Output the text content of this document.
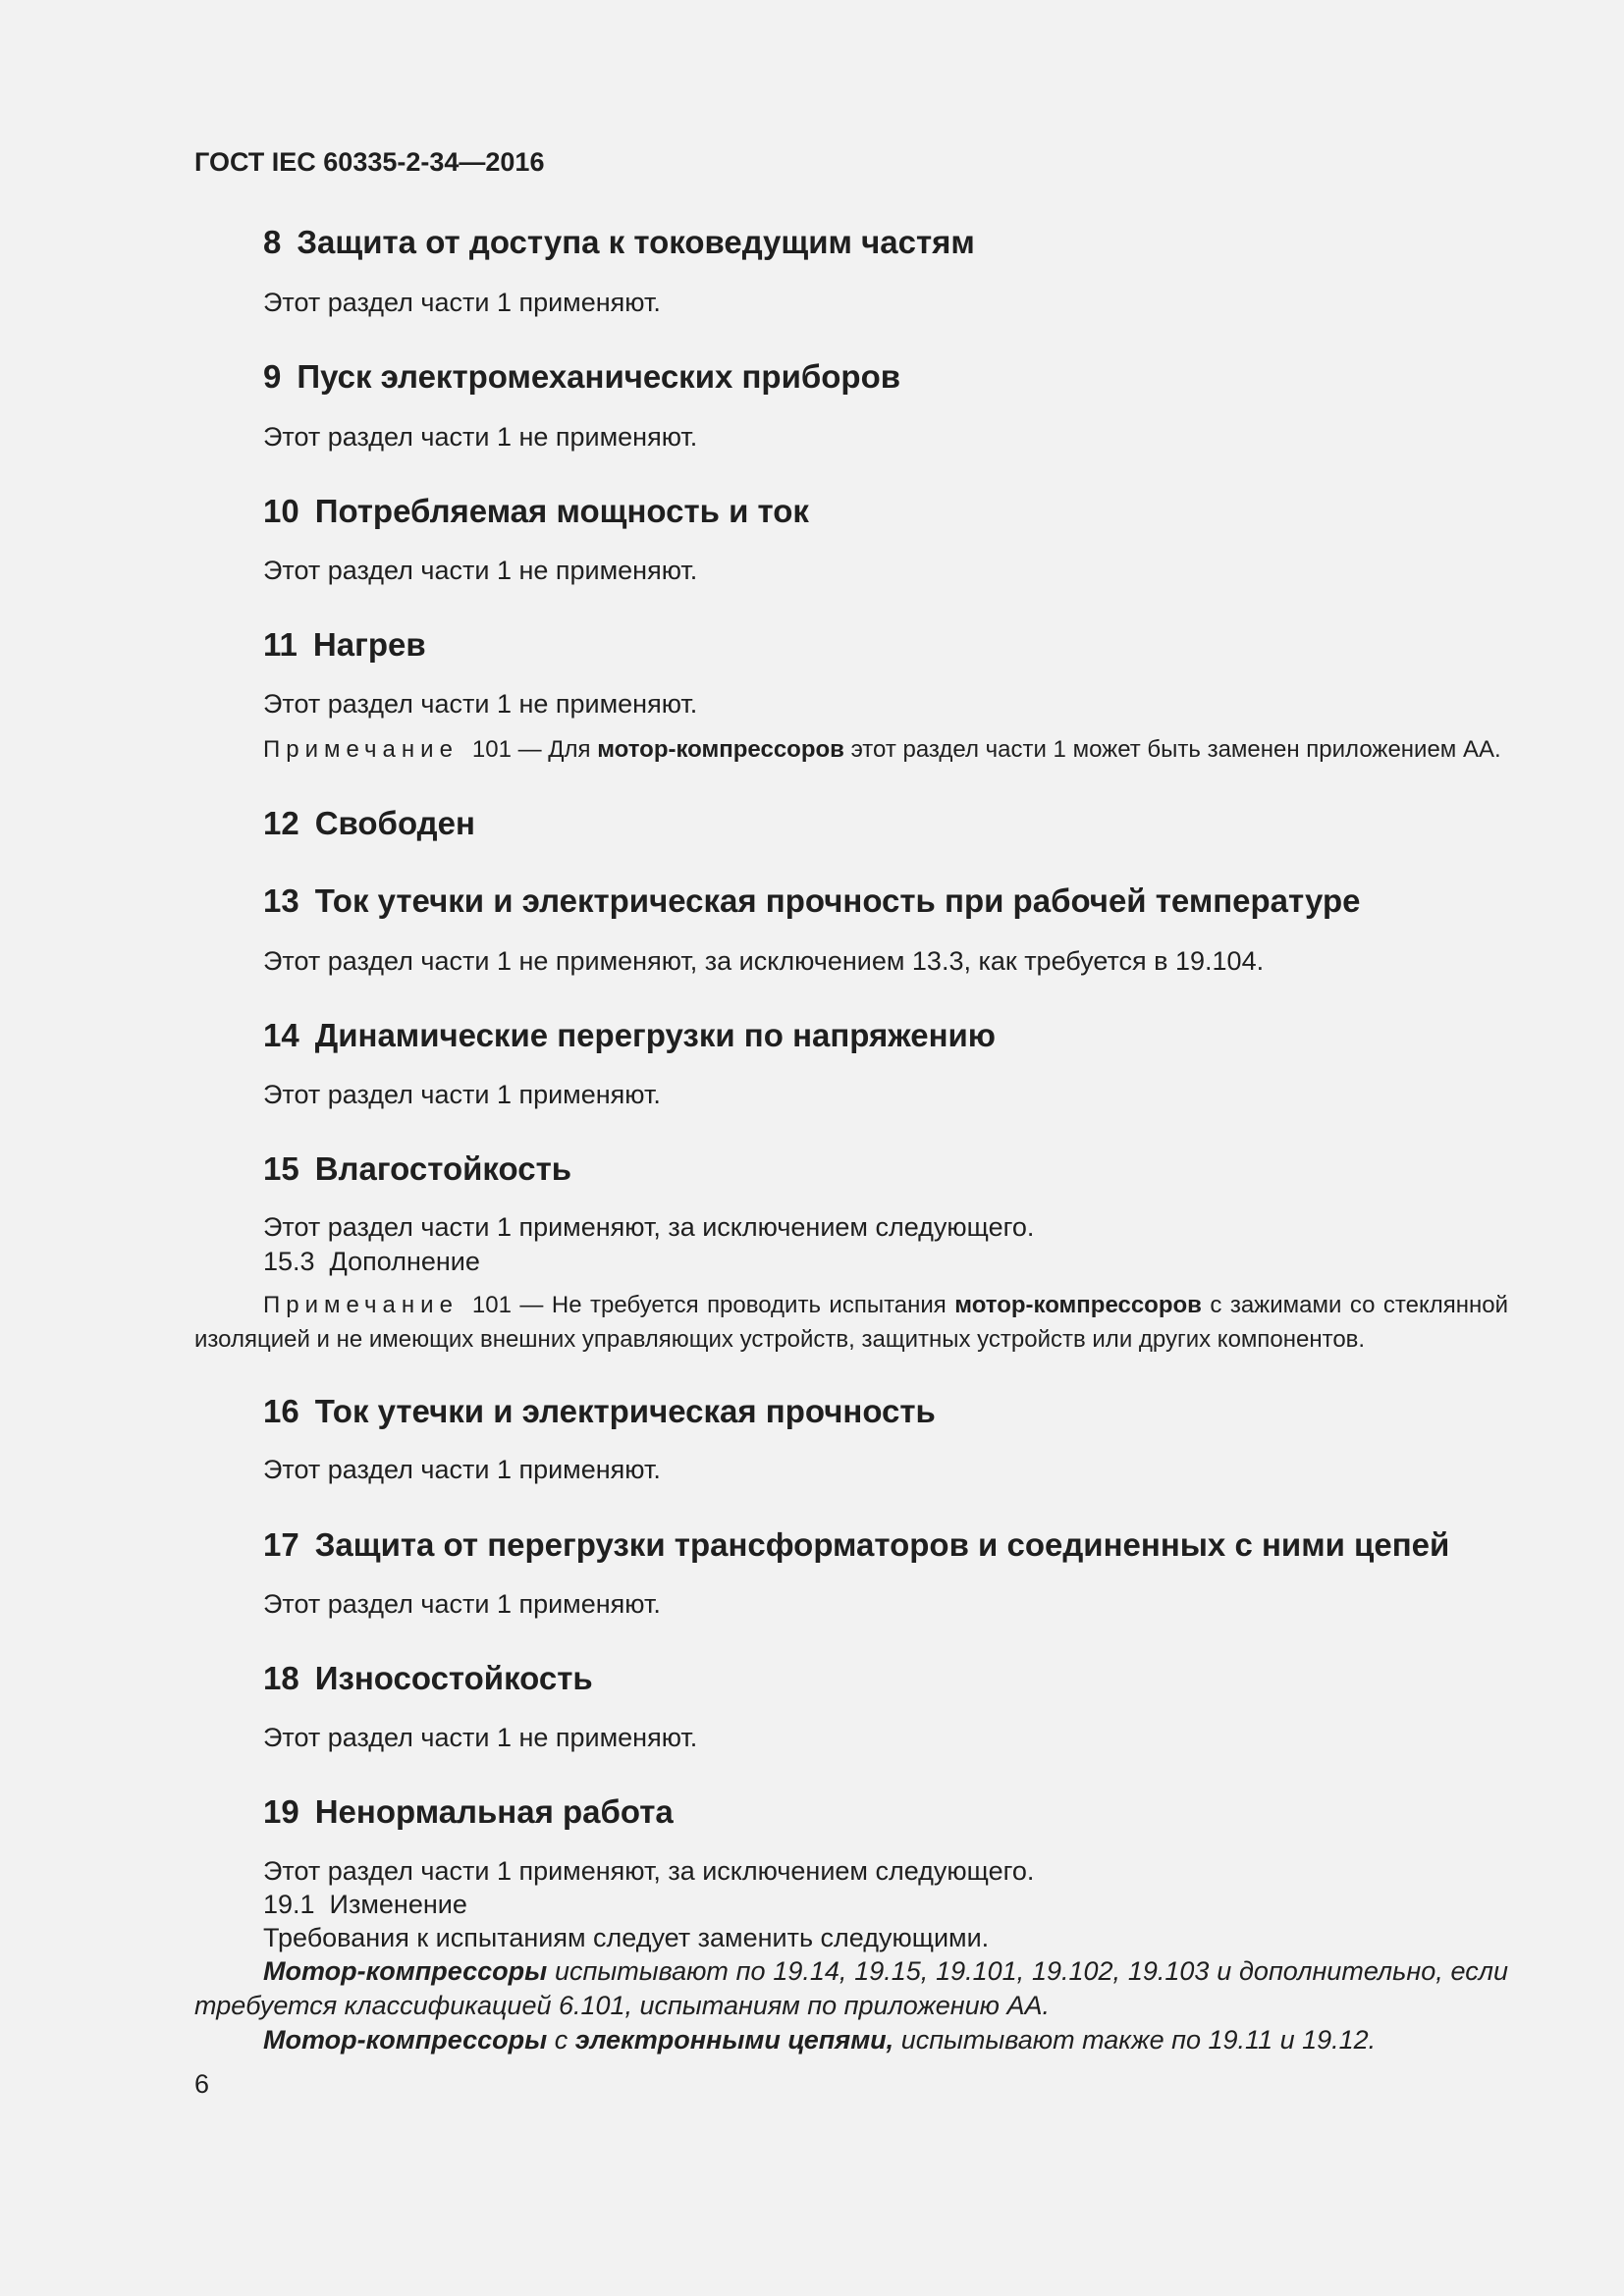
ГОСТ IEC 60335-2-34—2016
8 Защита от доступа к токоведущим частям
Этот раздел части 1 применяют.
9 Пуск электромеханических приборов
Этот раздел части 1 не применяют.
10 Потребляемая мощность и ток
Этот раздел части 1 не применяют.
11 Нагрев
Этот раздел части 1 не применяют.
Примечание 101 — Для мотор-компрессоров этот раздел части 1 может быть заменен приложением АА.
12 Свободен
13 Ток утечки и электрическая прочность при рабочей температуре
Этот раздел части 1 не применяют, за исключением 13.3, как требуется в 19.104.
14 Динамические перегрузки по напряжению
Этот раздел части 1 применяют.
15 Влагостойкость
Этот раздел части 1 применяют, за исключением следующего.
15.3  Дополнение
Примечание 101 — Не требуется проводить испытания мотор-компрессоров с зажимами со стеклянной изоляцией и не имеющих внешних управляющих устройств, защитных устройств или других компонентов.
16 Ток утечки и электрическая прочность
Этот раздел части 1 применяют.
17 Защита от перегрузки трансформаторов и соединенных с ними цепей
Этот раздел части 1 применяют.
18 Износостойкость
Этот раздел части 1 не применяют.
19 Ненормальная работа
Этот раздел части 1 применяют, за исключением следующего.
19.1  Изменение
Требования к испытаниям следует заменить следующими.
Мотор-компрессоры испытывают по 19.14, 19.15, 19.101, 19.102, 19.103 и дополнительно, если требуется классификацией 6.101, испытаниям по приложению АА.
Мотор-компрессоры с электронными цепями, испытывают также по 19.11 и 19.12.
6
